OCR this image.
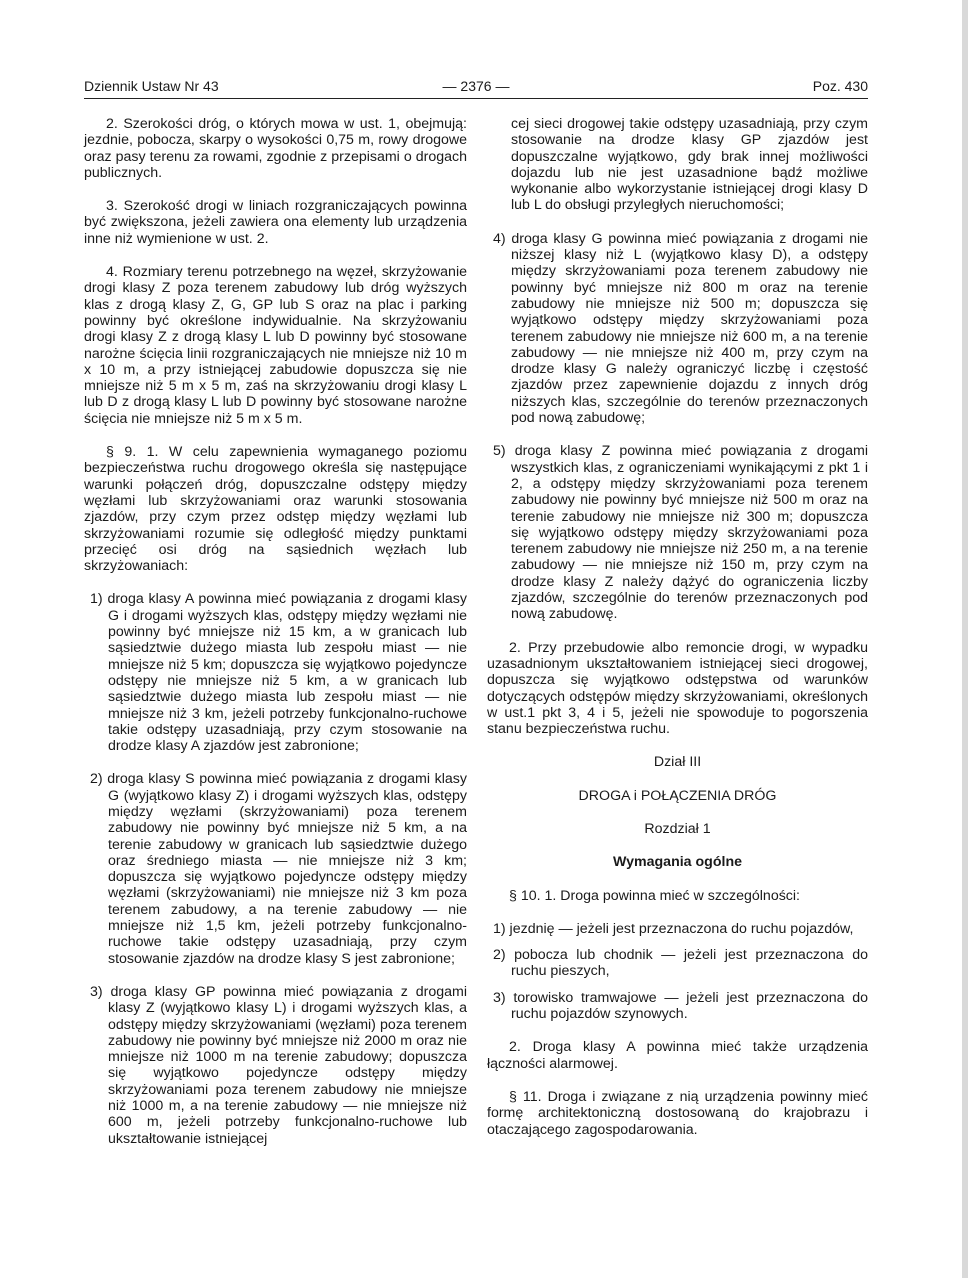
Dziennik Ustaw Nr 43	— 2376 —	Poz. 430

2. Szerokości dróg, o których mowa w ust. 1, obejmują: jezdnie, pobocza, skarpy o wysokości 0,75 m, rowy drogowe oraz pasy terenu za rowami, zgodnie z przepisami o drogach publicznych.

3. Szerokość drogi w liniach rozgraniczających powinna być zwiększona, jeżeli zawiera ona elementy lub urządzenia inne niż wymienione w ust. 2.

4. Rozmiary terenu potrzebnego na węzeł, skrzyżowanie drogi klasy Z poza terenem zabudowy lub dróg wyższych klas z drogą klasy Z, G, GP lub S oraz na plac i parking powinny być określone indywidualnie. Na skrzyżowaniu drogi klasy Z z drogą klasy L lub D powinny być stosowane narożne ścięcia linii rozgraniczających nie mniejsze niż 10 m x 10 m, a przy istniejącej zabudowie dopuszcza się nie mniejsze niż 5 m x 5 m, zaś na skrzyżowaniu drogi klasy L lub D z drogą klasy L lub D powinny być stosowane narożne ścięcia nie mniejsze niż 5 m x 5 m.

§ 9. 1. W celu zapewnienia wymaganego poziomu bezpieczeństwa ruchu drogowego określa się następujące warunki połączeń dróg, dopuszczalne odstępy między węzłami lub skrzyżowaniami oraz warunki stosowania zjazdów, przy czym przez odstęp między węzłami lub skrzyżowaniami rozumie się odległość między punktami przecięć osi dróg na sąsiednich węzłach lub skrzyżowaniach:

1) droga klasy A powinna mieć powiązania z drogami klasy G i drogami wyższych klas, odstępy między węzłami nie powinny być mniejsze niż 15 km, a w granicach lub sąsiedztwie dużego miasta lub zespołu miast — nie mniejsze niż 5 km; dopuszcza się wyjątkowo pojedyncze odstępy nie mniejsze niż 5 km, a w granicach lub sąsiedztwie dużego miasta lub zespołu miast — nie mniejsze niż 3 km, jeżeli potrzeby funkcjonalno-ruchowe takie odstępy uzasadniają, przy czym stosowanie na drodze klasy A zjazdów jest zabronione;

2) droga klasy S powinna mieć powiązania z drogami klasy G (wyjątkowo klasy Z) i drogami wyższych klas, odstępy między węzłami (skrzyżowaniami) poza terenem zabudowy nie powinny być mniejsze niż 5 km, a na terenie zabudowy w granicach lub sąsiedztwie dużego oraz średniego miasta — nie mniejsze niż 3 km; dopuszcza się wyjątkowo pojedyncze odstępy między węzłami (skrzyżowaniami) nie mniejsze niż 3 km poza terenem zabudowy, a na terenie zabudowy — nie mniejsze niż 1,5 km, jeżeli potrzeby funkcjonalno-ruchowe takie odstępy uzasadniają, przy czym stosowanie zjazdów na drodze klasy S jest zabronione;

3) droga klasy GP powinna mieć powiązania z drogami klasy Z (wyjątkowo klasy L) i drogami wyższych klas, a odstępy między skrzyżowaniami (węzłami) poza terenem zabudowy nie powinny być mniejsze niż 2000 m oraz nie mniejsze niż 1000 m na terenie zabudowy; dopuszcza się wyjątkowo pojedyncze odstępy między skrzyżowaniami poza terenem zabudowy nie mniejsze niż 1000 m, a na terenie zabudowy — nie mniejsze niż 600 m, jeżeli potrzeby funkcjonalno-ruchowe lub ukształtowanie istniejącej

cej sieci drogowej takie odstępy uzasadniają, przy czym stosowanie na drodze klasy GP zjazdów jest dopuszczalne wyjątkowo, gdy brak innej możliwości dojazdu lub nie jest uzasadnione bądź możliwe wykonanie albo wykorzystanie istniejącej drogi klasy D lub L do obsługi przyległych nieruchomości;

4) droga klasy G powinna mieć powiązania z drogami nie niższej klasy niż L (wyjątkowo klasy D), a odstępy między skrzyżowaniami poza terenem zabudowy nie powinny być mniejsze niż 800 m oraz na terenie zabudowy nie mniejsze niż 500 m; dopuszcza się wyjątkowo odstępy między skrzyżowaniami poza terenem zabudowy nie mniejsze niż 600 m, a na terenie zabudowy — nie mniejsze niż 400 m, przy czym na drodze klasy G należy ograniczyć liczbę i częstość zjazdów przez zapewnienie dojazdu z innych dróg niższych klas, szczególnie do terenów przeznaczonych pod nową zabudowę;

5) droga klasy Z powinna mieć powiązania z drogami wszystkich klas, z ograniczeniami wynikającymi z pkt 1 i 2, a odstępy między skrzyżowaniami poza terenem zabudowy nie powinny być mniejsze niż 500 m oraz na terenie zabudowy nie mniejsze niż 300 m; dopuszcza się wyjątkowo odstępy między skrzyżowaniami poza terenem zabudowy nie mniejsze niż 250 m, a na terenie zabudowy — nie mniejsze niż 150 m, przy czym na drodze klasy Z należy dążyć do ograniczenia liczby zjazdów, szczególnie do terenów przeznaczonych pod nową zabudowę.

2. Przy przebudowie albo remoncie drogi, w wypadku uzasadnionym ukształtowaniem istniejącej sieci drogowej, dopuszcza się wyjątkowo odstępstwa od warunków dotyczących odstępów między skrzyżowaniami, określonych w ust.1 pkt 3, 4 i 5, jeżeli nie spowoduje to pogorszenia stanu bezpieczeństwa ruchu.

Dział III

DROGA i POŁĄCZENIA DRÓG

Rozdział 1

Wymagania ogólne

§ 10. 1. Droga powinna mieć w szczególności:

1) jezdnię — jeżeli jest przeznaczona do ruchu pojazdów,

2) pobocza lub chodnik — jeżeli jest przeznaczona do ruchu pieszych,

3) torowisko tramwajowe — jeżeli jest przeznaczona do ruchu pojazdów szynowych.

2. Droga klasy A powinna mieć także urządzenia łączności alarmowej.

§ 11. Droga i związane z nią urządzenia powinny mieć formę architektoniczną dostosowaną do krajobrazu i otaczającego zagospodarowania.
